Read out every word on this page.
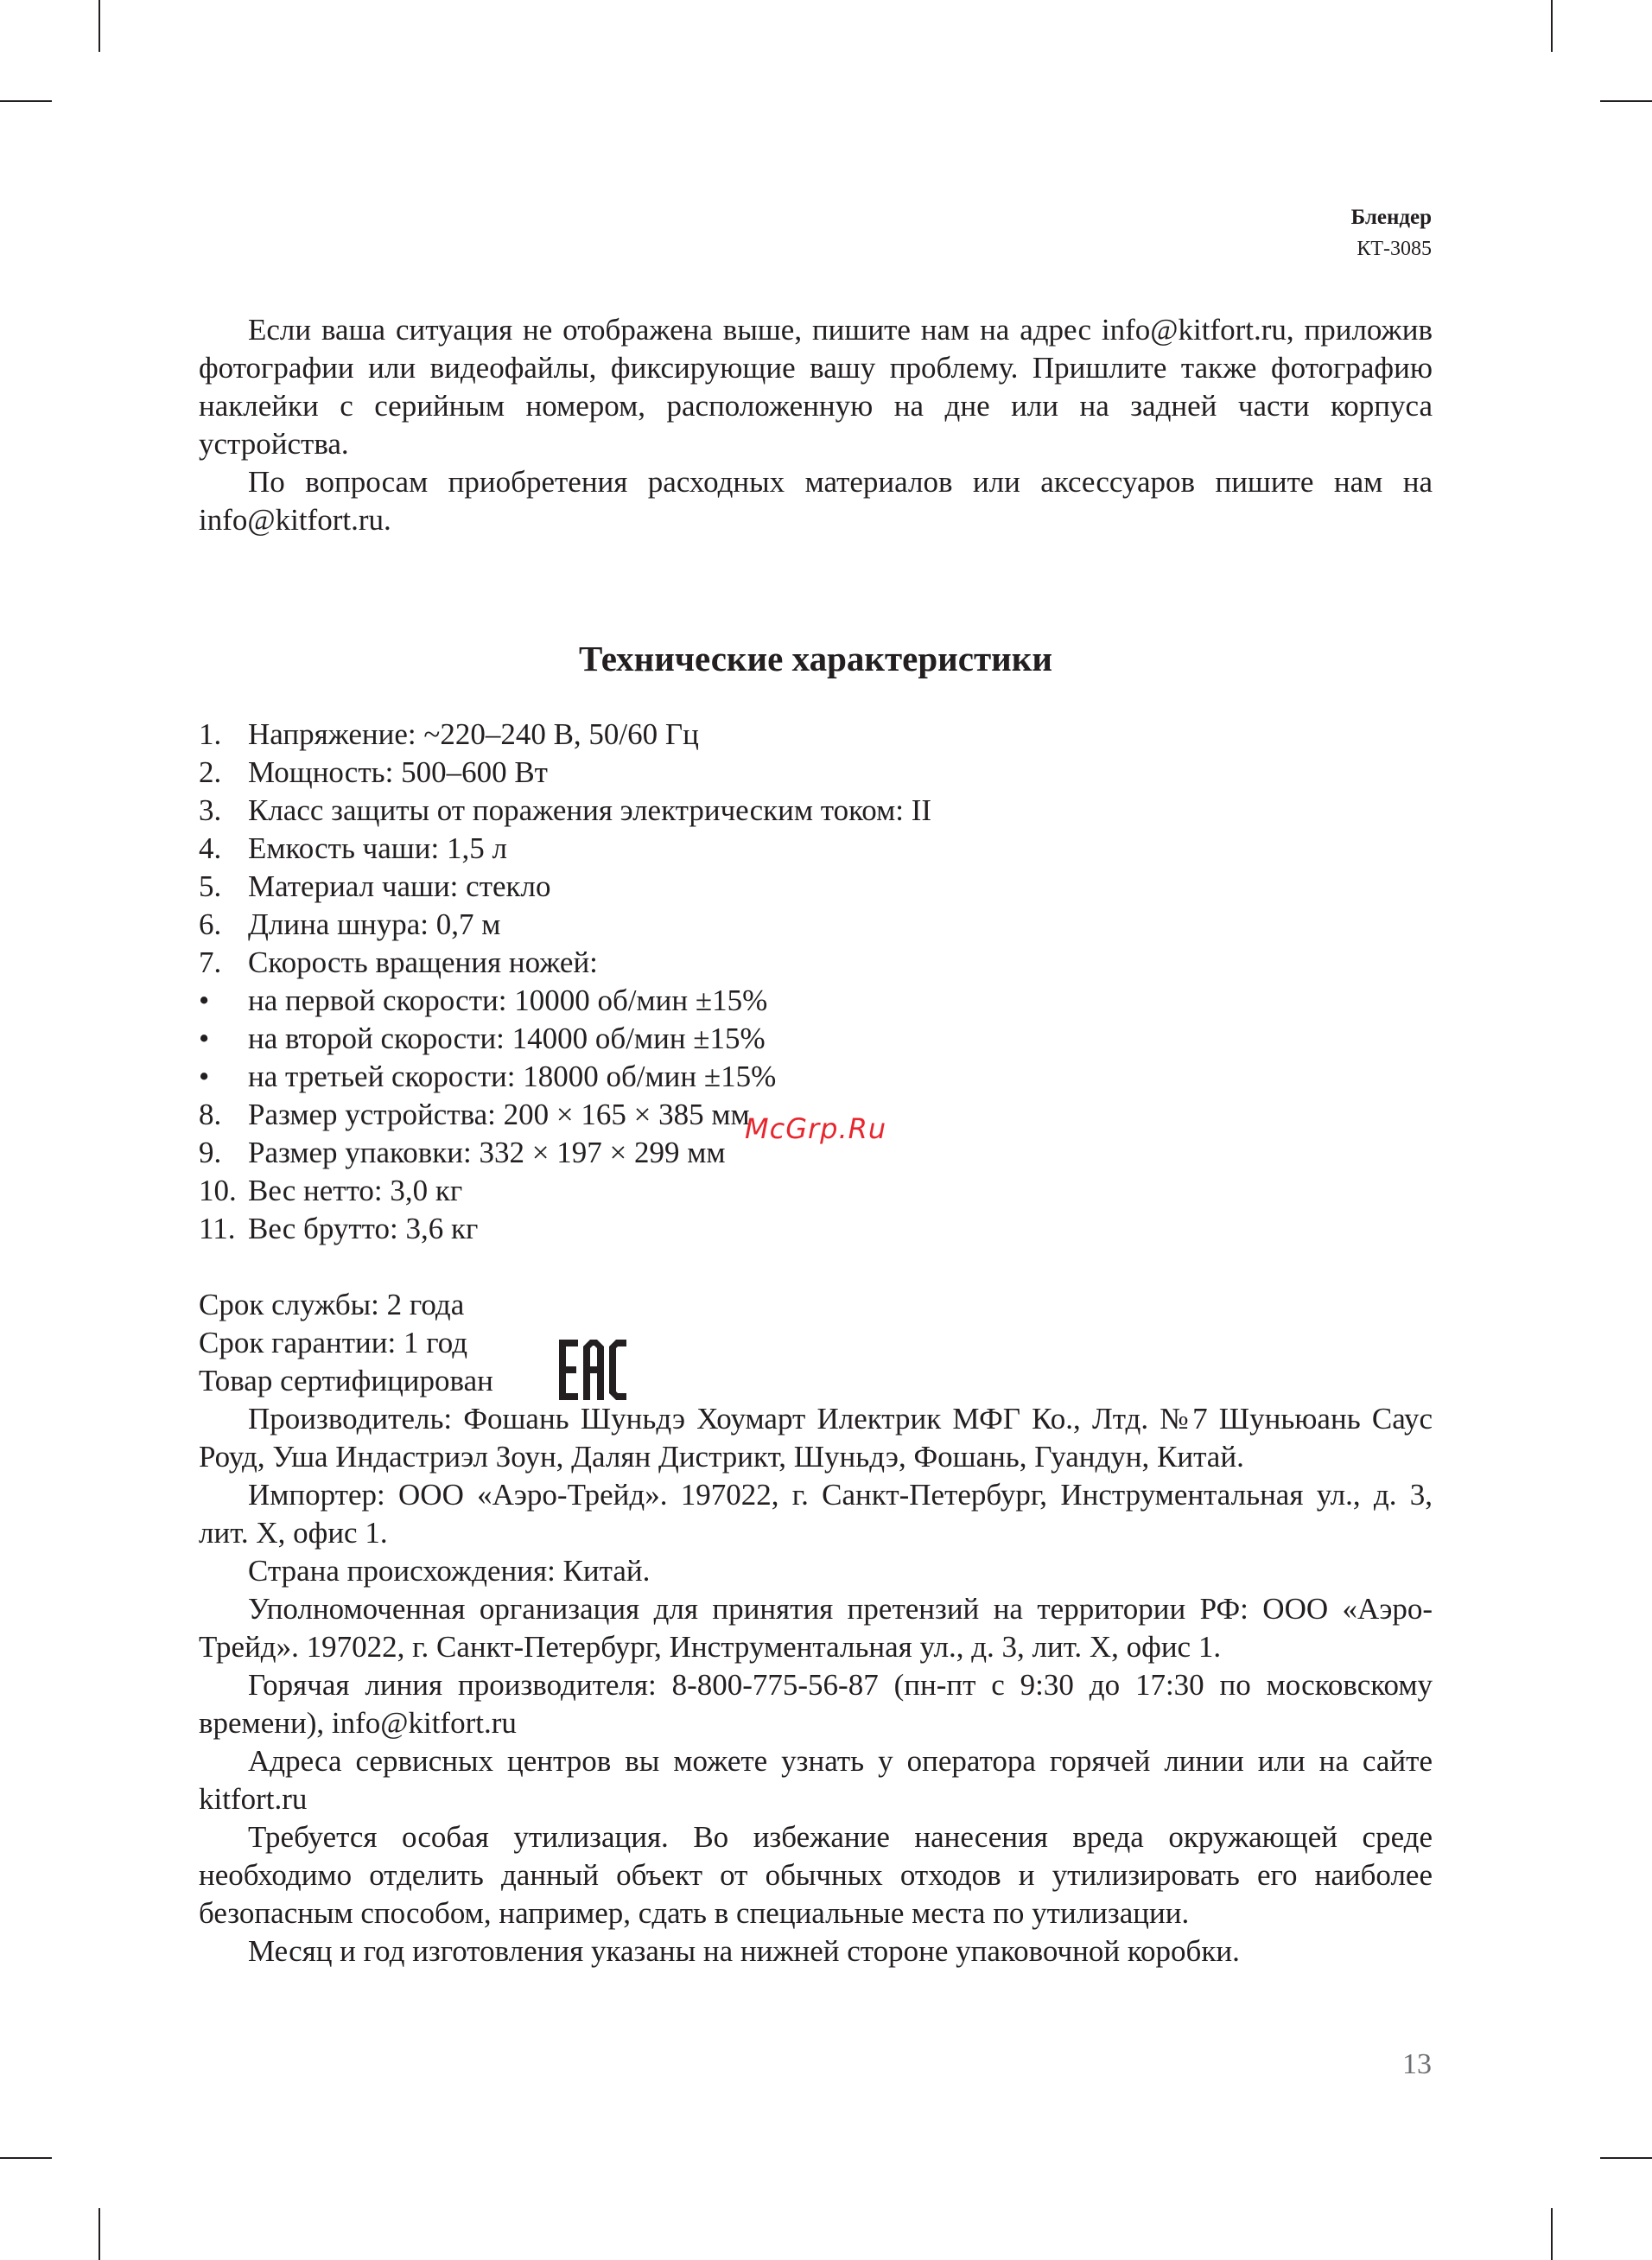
Блендер
КТ-3085

Если ваша ситуация не отображена выше, пишите нам на адрес info@kitfort.ru, приложив фотографии или видеофайлы, фиксирующие вашу проблему. Пришлите также фотографию наклейки с серийным номером, расположенную на дне или на задней части корпуса устройства.

По вопросам приобретения расходных материалов или аксессуаров пишите нам на info@kitfort.ru.

Технические характеристики
1. Напряжение: ~220–240 В, 50/60 Гц
2. Мощность: 500–600 Вт
3. Класс защиты от поражения электрическим током: II
4. Емкость чаши: 1,5 л
5. Материал чаши: стекло
6. Длина шнура: 0,7 м
7. Скорость вращения ножей:
•	на первой скорости: 10000 об/мин ±15%
•	на второй скорости: 14000 об/мин ±15%
•	на третьей скорости: 18000 об/мин ±15%
8. Размер устройства: 200 × 165 × 385 мм
9. Размер упаковки: 332 × 197 × 299 мм
10. Вес нетто: 3,0 кг
11. Вес брутто: 3,6 кг

Срок службы: 2 года

Срок гарантии: 1 год

Товар сертифицирован

Производитель: Фошань Шуньдэ Хоумарт Илектрик МФГ Ко., Лтд. №7 Шуньюань Саус Роуд, Уша Индастриэл Зоун, Далян Дистрикт, Шуньдэ, Фошань, Гуандун, Китай.

Импортер: ООО «Аэро-Трейд». 197022, г. Санкт-Петербург, Инструментальная ул., д. 3, лит. Х, офис 1.

Страна происхождения: Китай.

Уполномоченная организация для принятия претензий на территории РФ: ООО «Аэро-Трейд». 197022, г. Санкт-Петербург, Инструментальная ул., д. 3, лит. Х, офис 1.

Горячая линия производителя: 8-800-775-56-87 (пн-пт с 9:30 до 17:30 по московскому времени), info@kitfort.ru

Адреса сервисных центров вы можете узнать у оператора горячей линии или на сайте kitfort.ru

Требуется особая утилизация. Во избежание нанесения вреда окружающей среде необходимо отделить данный объект от обычных отходов и утилизировать его наиболее безопасным способом, например, сдать в специальные места по утилизации.

Месяц и год изготовления указаны на нижней стороне упаковочной коробки.

McGrp.Ru
13
